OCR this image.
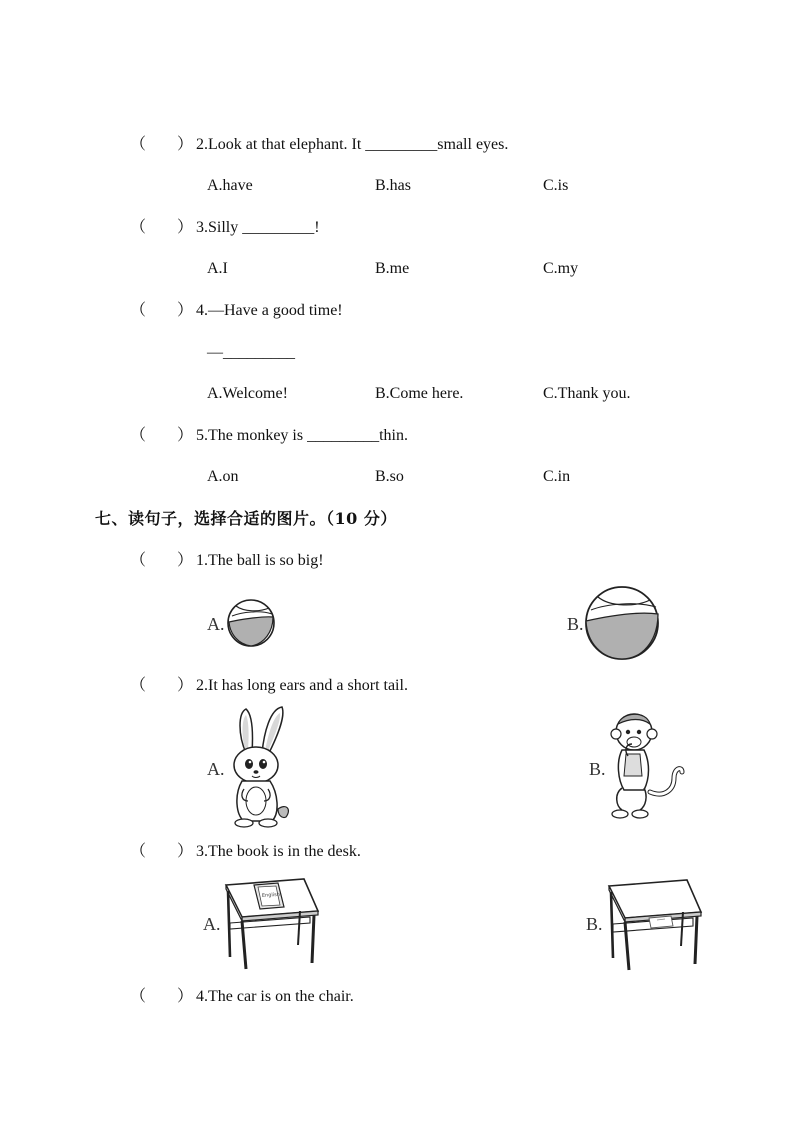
（ ） 2.Look at that elephant. It _________small eyes.
A.have	B.has	C.is
（ ） 3.Silly _________!
A.I	B.me	C.my
（ ） 4.—Have a good time!
—_________
A.Welcome!	B.Come here.	C.Thank you.
（ ） 5.The monkey is _________thin.
A.on	B.so	C.in
七、读句子，选择合适的图片。（10 分）
（ ） 1.The ball is so big!
A.	B.
（ ） 2.It has long ears and a short tail.
A.	B.
（ ） 3.The book is in the desk.
A.
English
B.
（ ） 4.The car is on the chair.
